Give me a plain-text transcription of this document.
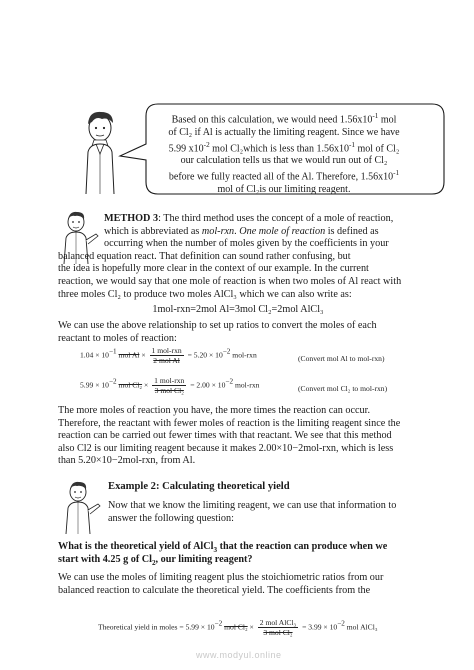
Based on this calculation, we would need $1.56x10^{-1}$ mol
of Cl₂ if Al is actually the limiting reagent. Since we have
5.99 $x10^{-2}$ mol Cl₂which is less than $1.56x10^{-1}$ mol of Cl₂
our calculation tells us that we would run out of Cl₂
before we fully reacted all of the Al. Therefore, $1.56x10^{-1}$
mol of Cl₂is our limiting reagent.
METHOD 3: The third method uses the concept of a mole of reaction,
which is abbreviated as mol-rxn. One mole of reaction is defined as
occurring when the number of moles given by the coefficients in your
balanced equation react. That definition can sound rather confusing, but
the idea is hopefully more clear in the context of our example. In the current
reaction, we would say that one mole of reaction is when two moles of Al react with
three moles Cl₂ to produce two moles AlCl₃ which we can also write as:
1mol-rxn=2mol Al=3mol Cl₂=2mol AlCl₃
We can use the above relationship to set up ratios to convert the moles of each
reactant to moles of reaction:
$1.04 \times 10^{-1}$ mol $Al \times \frac{\text{1 mol-rxn}}{\text{2 mol Al}} = 5.20 \times 10^{-2}$ mol-rxn	(Convert mol Al to mol-rxn)
$5.99 \times 10^{-2}$ mol $Cl_2 \times \frac{\text{1 mol-rxn}}{\text{3 mol Cl₂}} = 2.00 \times 10^{-2}$ mol-rxn	(Convert mol Cl₂ to mol-rxn)
The more moles of reaction you have, the more times the reaction can occur.
Therefore, the reactant with fewer moles of reaction is the limiting reagent since the
reaction can be carried out fewer times with that reactant. We see that this method
also Cl2 is our limiting reagent because it makes 2.00×10−2mol-rxn, which is less
than 5.20×10−2mol-rxn, from Al.
Example 2: Calculating theoretical yield
Now that we know the limiting reagent, we can use that information to
answer the following question:
What is the theoretical yield of AlCl$_3$ that the reaction can produce when we
start with 4.25 g of $Cl_2$, our limiting reagent?
We can use the moles of limiting reagent plus the stoichiometric ratios from our
balanced reaction to calculate the theoretical yield. The coefficients from the
Theoretical yield in moles = $5.99 \times 10^{-2}$ mol $Cl_2 \times \frac{\text{2 mol AlCl₃}}{\text{3 mol Cl₂}} = 3.99 \times 10^{-2}$ mol AlCl₃
www.modyul.online
